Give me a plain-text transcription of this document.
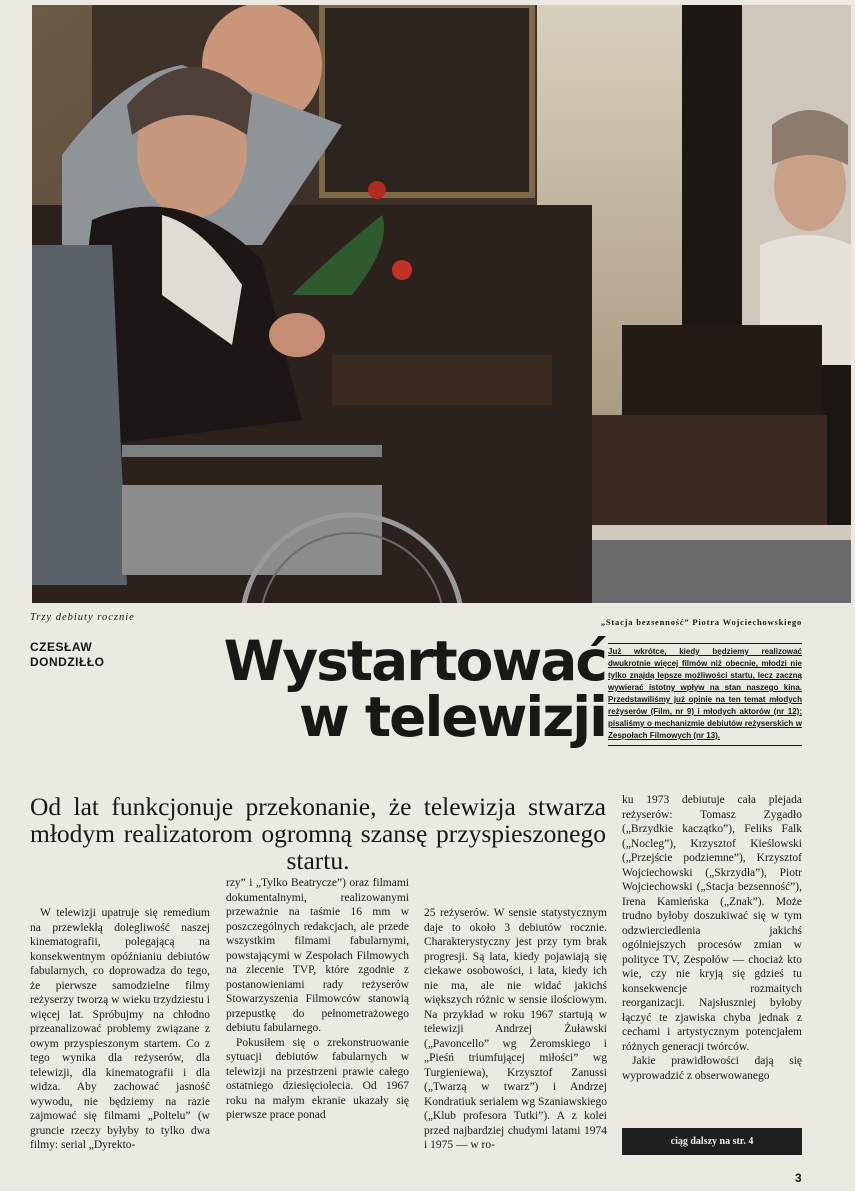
Trzy debiuty rocznie	„Stacja bezsenność” Piotra Wojciechowskiego
CZESŁAW
DONDZIŁŁO	Wystartować
w telewizji

Już wkrótce, kiedy będziemy realizować dwukrotnie więcej filmów niż obecnie, młodzi nie tylko znajdą lepsze możliwości startu, lecz zaczną wywierać istotny wpływ na stan naszego kina. Przedstawiliśmy już opinie na ten temat młodych reżyserów (Film, nr 9) i młodych aktorów (nr 12); pisaliśmy o mechanizmie debiutów reżyserskich w Zespołach Filmowych (nr 13).

Od lat funkcjonuje przekonanie, że telewizja stwarza młodym realizatorom ogromną szansę przyspieszonego startu.

W telewizji upatruje się remedium na przewlekłą dolegliwość naszej kinematografii, polegającą na konsekwentnym opóźnianiu debiutów fabularnych, co doprowadza do tego, że pierwsze samodzielne filmy reżyserzy tworzą w wieku trzydziestu i więcej lat. Spróbujmy na chłodno przeanalizować problemy związane z owym przyspieszonym startem. Co z tego wynika dla reżyserów, dla telewizji, dla kinematografii i dla widza. Aby zachować jasność wywodu, nie będziemy na razie zajmować się filmami „Poltelu” (w gruncie rzeczy byłyby to tylko dwa filmy: serial „Dyrekto-

rzy” i „Tylko Beatrycze”) oraz filmami dokumentalnymi, realizowanymi przeważnie na taśmie 16 mm w poszczególnych redakcjach, ale przede wszystkim filmami fabularnymi, powstającymi w Zespołach Filmowych na zlecenie TVP, które zgodnie z postanowieniami rady reżyserów Stowarzyszenia Filmowców stanowią przepustkę do pełnometrażowego debiutu fabularnego.
Pokusiłem się o zrekonstruowanie sytuacji debiutów fabularnych w telewizji na przestrzeni prawie całego ostatniego dziesięciolecia. Od 1967 roku na małym ekranie ukazały się pierwsze prace ponad

25 reżyserów. W sensie statystycznym daje to około 3 debiutów rocznie. Charakterystyczny jest przy tym brak progresji. Są lata, kiedy pojawiają się ciekawe osobowości, i lata, kiedy ich nie ma, ale nie widać jakichś większych różnic w sensie ilościowym. Na przykład w roku 1967 startują w telewizji Andrzej Żuławski („Pavoncello” wg Żeromskiego i „Pieśń triumfującej miłości” wg Turgieniewa), Krzysztof Zanussi („Twarzą w twarz”) i Andrzej Kondratiuk serialem wg Szaniawskiego („Klub profesora Tutki”). A z kolei przed najbardziej chudymi latami 1974 i 1975 — w ro-

ku 1973 debiutuje cała plejada reżyserów: Tomasz Zygadło („Brzydkie kaczątko”), Feliks Falk („Nocleg”), Krzysztof Kieślowski („Przejście podziemne”), Krzysztof Wojciechowski („Skrzydła”), Piotr Wojciechowski („Stacja bezsenność”), Irena Kamieńska („Znak”). Może trudno byłoby doszukiwać się w tym odzwierciedlenia jakichś ogólniejszych procesów zmian w polityce TV, Zespołów — chociaż kto wie, czy nie kryją się gdzieś tu konsekwencje rozmaitych reorganizacji. Najsłuszniej byłoby łączyć te zjawiska chyba jednak z cechami i artystycznym potencjałem różnych generacji twórców.
Jakie prawidłowości dają się wyprowadzić z obserwowanego
ciąg dalszy na str. 4
3
